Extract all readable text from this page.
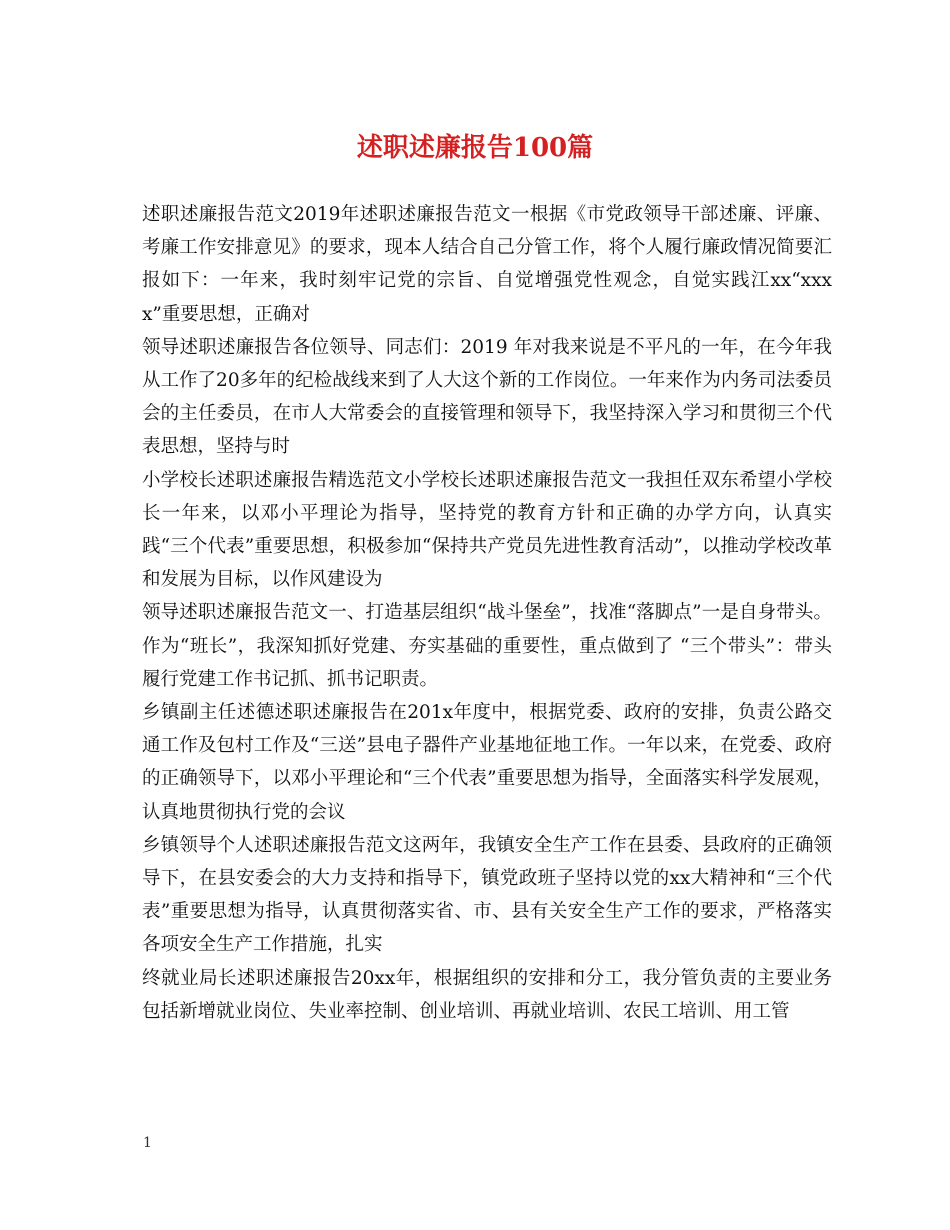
述职述廉报告100篇

述职述廉报告范文2019年述职述廉报告范文一根据《市党政领导干部述廉、评廉、考廉工作安排意见》的要求，现本人结合自己分管工作，将个人履行廉政情况简要汇报如下：一年来，我时刻牢记党的宗旨、自觉增强党性观念，自觉实践江xx“xxxx”重要思想，正确对

领导述职述廉报告各位领导、同志们：2019 年对我来说是不平凡的一年，在今年我从工作了20多年的纪检战线来到了人大这个新的工作岗位。一年来作为内务司法委员会的主任委员，在市人大常委会的直接管理和领导下，我坚持深入学习和贯彻三个代表思想，坚持与时

小学校长述职述廉报告精选范文小学校长述职述廉报告范文一我担任双东希望小学校长一年来，以邓小平理论为指导，坚持党的教育方针和正确的办学方向，认真实践“三个代表”重要思想，积极参加“保持共产党员先进性教育活动”，以推动学校改革和发展为目标，以作风建设为

领导述职述廉报告范文一、打造基层组织“战斗堡垒”，找准“落脚点”一是自身带头。作为“班长”，我深知抓好党建、夯实基础的重要性，重点做到了 “三个带头”：带头履行党建工作书记抓、抓书记职责。

乡镇副主任述德述职述廉报告在201x年度中，根据党委、政府的安排，负责公路交通工作及包村工作及“三送”县电子器件产业基地征地工作。一年以来，在党委、政府的正确领导下，以邓小平理论和“三个代表”重要思想为指导，全面落实科学发展观，认真地贯彻执行党的会议

乡镇领导个人述职述廉报告范文这两年，我镇安全生产工作在县委、县政府的正确领导下，在县安委会的大力支持和指导下，镇党政班子坚持以党的xx大精神和“三个代表”重要思想为指导，认真贯彻落实省、市、县有关安全生产工作的要求，严格落实各项安全生产工作措施，扎实

终就业局长述职述廉报告20xx年，根据组织的安排和分工，我分管负责的主要业务包括新增就业岗位、失业率控制、创业培训、再就业培训、农民工培训、用工管

1
